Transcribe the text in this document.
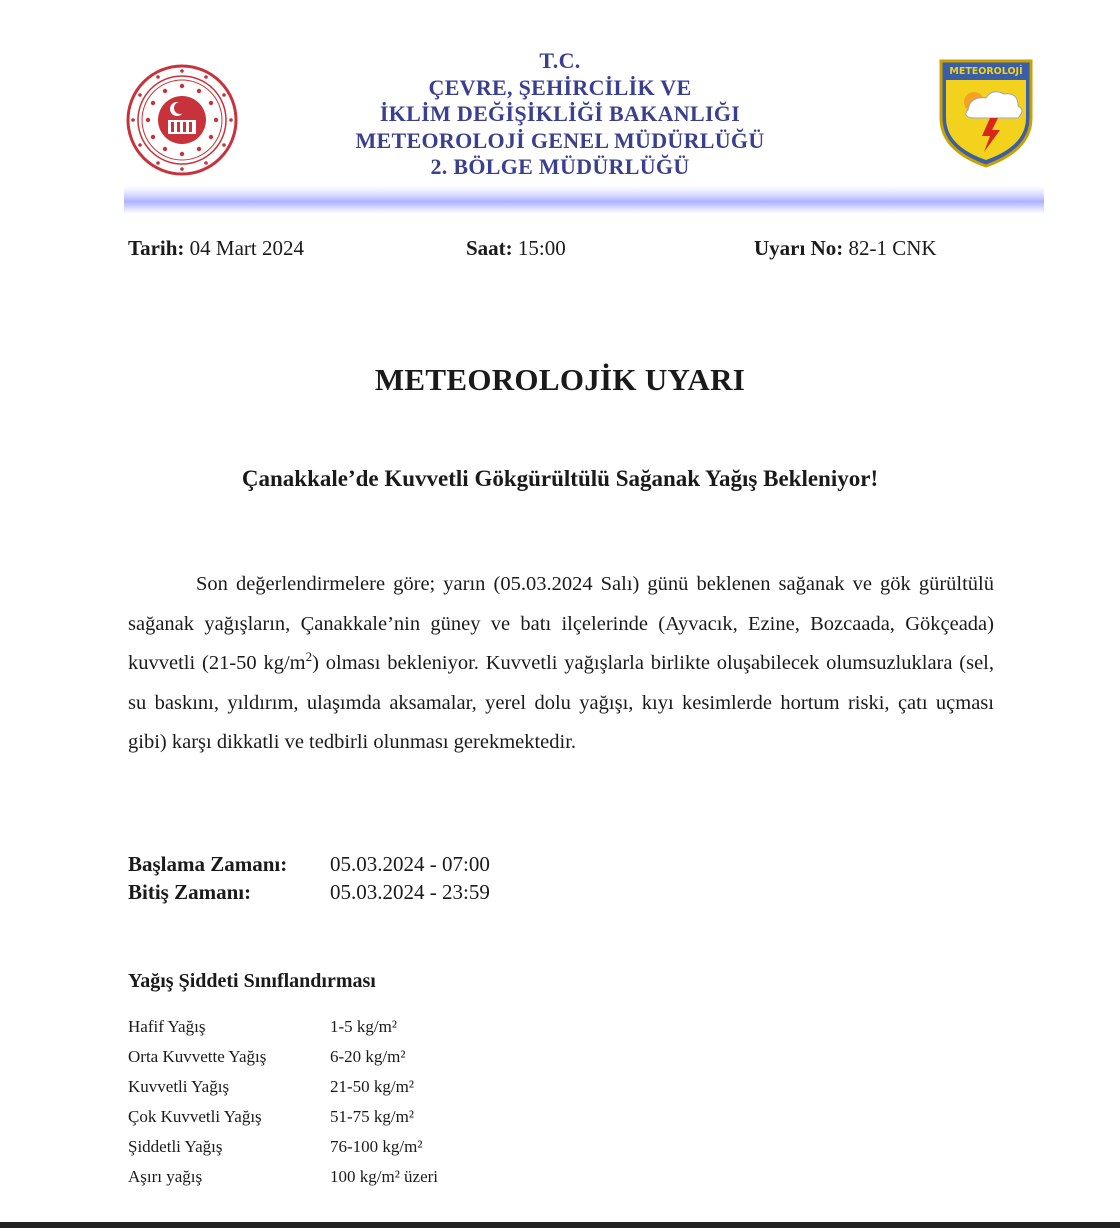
T.C.
ÇEVRE, ŞEHİRCİLİK VE
İKLİM DEĞİŞİKLİĞİ BAKANLIĞI
METEOROLOJİ GENEL MÜDÜRLÜĞÜ
2. BÖLGE MÜDÜRLÜĞÜ
METEOROLOJİ
Tarih: 04 Mart 2024	Saat: 15:00	Uyarı No: 82-1 CNK
METEOROLOJİK UYARI
Çanakkale’de Kuvvetli Gökgürültülü Sağanak Yağış Bekleniyor!
Son değerlendirmelere göre; yarın (05.03.2024 Salı) günü beklenen sağanak ve gök gürültülü sağanak yağışların, Çanakkale’nin güney ve batı ilçelerinde (Ayvacık, Ezine, Bozcaada, Gökçeada) kuvvetli (21-50 $kg/m^2$) olması bekleniyor. Kuvvetli yağışlarla birlikte oluşabilecek olumsuzluklara (sel, su baskını, yıldırım, ulaşımda aksamalar, yerel dolu yağışı, kıyı kesimlerde hortum riski, çatı uçması gibi) karşı dikkatli ve tedbirli olunması gerekmektedir.
Başlama Zamanı:	05.03.2024 - 07:00
Bitiş Zamanı:	05.03.2024 - 23:59
Yağış Şiddeti Sınıflandırması
Hafif Yağış	1-5 kg/m²
Orta Kuvvette Yağış	6-20 kg/m²
Kuvvetli Yağış	21-50 kg/m²
Çok Kuvvetli Yağış	51-75 kg/m²
Şiddetli Yağış	76-100 kg/m²
Aşırı yağış	100 kg/m² üzeri
